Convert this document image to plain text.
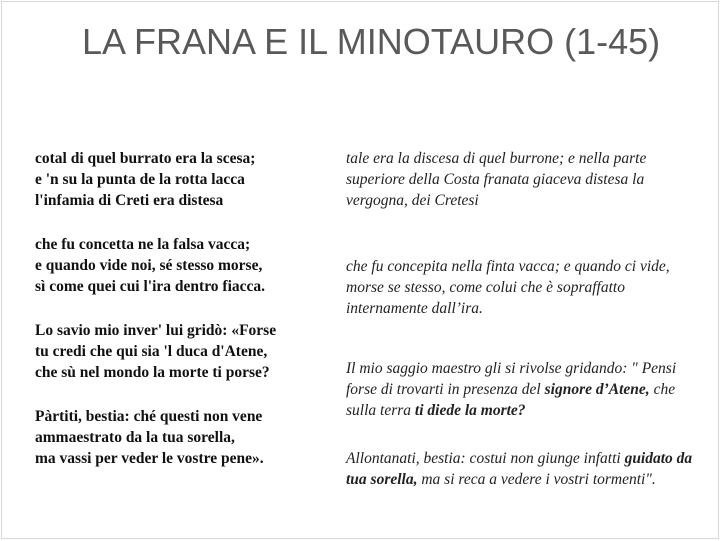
LA FRANA E IL MINOTAURO (1-45)

cotal di quel burrato era la scesa;
e 'n su la punta de la rotta lacca
l'infamia di Creti era distesa

che fu concetta ne la falsa vacca;
e quando vide noi, sé stesso morse,
sì come quei cui l'ira dentro fiacca.

Lo savio mio inver' lui gridò: «Forse
tu credi che qui sia 'l duca d'Atene,
che sù nel mondo la morte ti porse?

Pàrtiti, bestia: ché questi non vene
ammaestrato da la tua sorella,
ma vassi per veder le vostre pene».

tale era la discesa di quel burrone; e nella parte superiore della Costa franata giaceva distesa la
vergogna, dei Cretesi

che fu concepita nella finta vacca; e quando ci vide, morse se stesso, come colui che è sopraffatto internamente dall’ira.

Il mio saggio maestro gli si rivolse gridando: " Pensi forse di trovarti in presenza del signore d’Atene, che sulla terra ti diede la morte?

Allontanati, bestia: costui non giunge infatti guidato da tua sorella, ma si reca a vedere i vostri tormenti".
